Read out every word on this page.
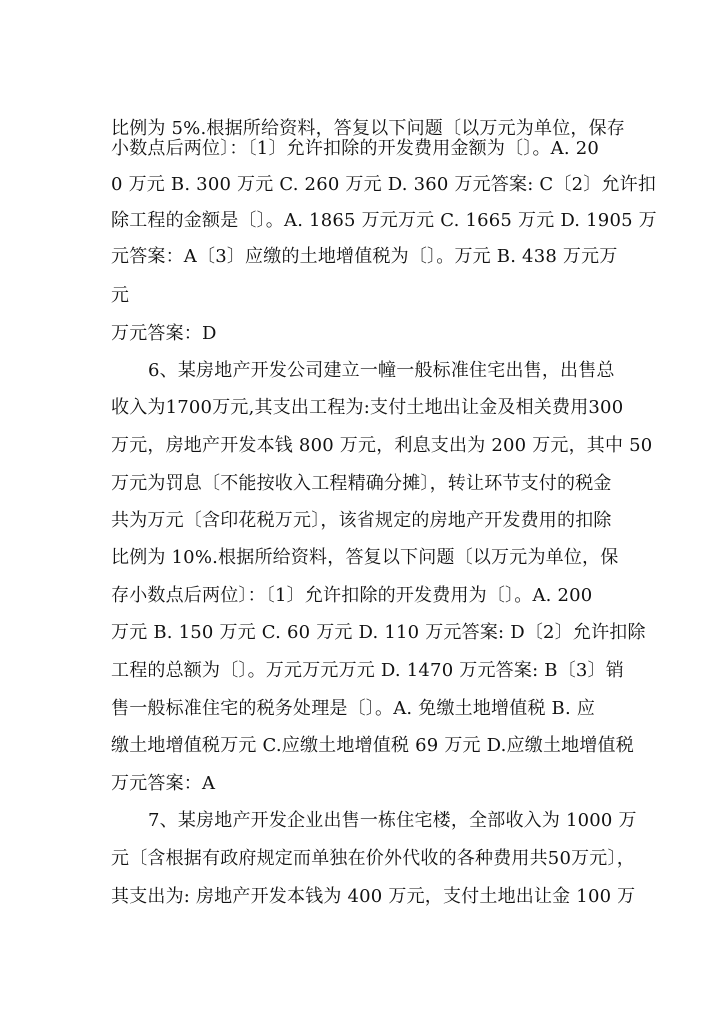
比例为 5%.根据所给资料，答复以下问题〔以万元为单位，保存
小数点后两位〕：〔1〕允许扣除的开发费用金额为〔〕。A. 20
0 万元 B. 300 万元 C. 260 万元 D. 360 万元答案: C〔2〕允许扣
除工程的金额是〔〕。A. 1865 万元万元 C. 1665 万元 D. 1905 万
元答案：A〔3〕应缴的土地增值税为〔〕。万元 B. 438 万元万
元
万元答案：D
6、某房地产开发公司建立一幢一般标准住宅出售，出售总
收入为1700万元,其支出工程为:支付土地出让金及相关费用300
万元，房地产开发本钱 800 万元，利息支出为 200 万元，其中 50
万元为罚息〔不能按收入工程精确分摊〕，转让环节支付的税金
共为万元〔含印花税万元〕，该省规定的房地产开发费用的扣除
比例为 10%.根据所给资料，答复以下问题〔以万元为单位，保
存小数点后两位〕：〔1〕允许扣除的开发费用为〔〕。A. 200
万元 B. 150 万元 C. 60 万元 D. 110 万元答案: D〔2〕允许扣除
工程的总额为〔〕。万元万元万元 D. 1470 万元答案: B〔3〕销
售一般标准住宅的税务处理是〔〕。A. 免缴土地增值税 B. 应
缴土地增值税万元 C.应缴土地增值税 69 万元 D.应缴土地增值税
万元答案：A
7、某房地产开发企业出售一栋住宅楼，全部收入为 1000 万
元〔含根据有政府规定而单独在价外代收的各种费用共50万元〕，
其支出为: 房地产开发本钱为 400 万元，支付土地出让金 100 万
